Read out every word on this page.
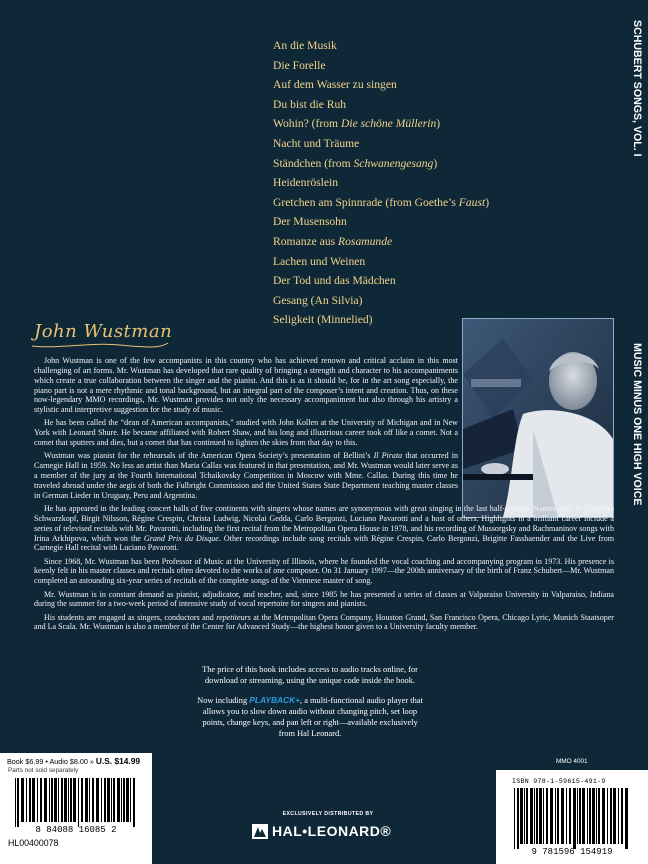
An die Musik
Die Forelle
Auf dem Wasser zu singen
Du bist die Ruh
Wohin? (from Die schöne Müllerin)
Nacht und Träume
Ständchen (from Schwanengesang)
Heidenröslein
Gretchen am Spinnrade (from Goethe’s Faust)
Der Musensohn
Romanze aus Rosamunde
Lachen und Weinen
Der Tod und das Mädchen
Gesang (An Silvia)
Seligkeit (Minnelied)
SCHUBERT SONGS, VOL. I
MUSIC MINUS ONE HIGH VOICE
John Wustman

John Wustman is one of the few accompanists in this country who has achieved renown and critical acclaim in this most challenging of art forms. Mr. Wustman has developed that rare quality of bringing a strength and character to his accompaniments which create a true collaboration between the singer and the pianist. And this is as it should be, for in the art song especially, the piano part is not a mere rhythmic and tonal background, but an integral part of the composer’s intent and creation. Thus, on these now-legendary MMO recordings, Mr. Wustman provides not only the necessary accompaniment but also through his artistry a stylistic and interpretive suggestion for the study of music.

He has been called the “dean of American accompanists,” studied with John Kollen at the University of Michigan and in New York with Leonard Shure. He became affiliated with Robert Shaw, and his long and illustrious career took off like a comet. Not a comet that sputters and dies, but a comet that has continued to lighten the skies from that day to this.

Wustman was pianist for the rehearsals of the American Opera Society’s presentation of Bellini’s Il Pirata that occurred in Carnegie Hall in 1959. No less an artist than Maria Callas was featured in that presentation, and Mr. Wustman would later serve as a member of the jury at the Fourth International Tchaikovsky Competition in Moscow with Mme. Callas. During this time he traveled abroad under the aegis of both the Fulbright Commission and the United States State Department teaching master classes in German Lieder in Uruguay, Peru and Argentina.

He has appeared in the leading concert halls of five continents with singers whose names are synonymous with great singing in the last half-century. Names such as Elisabeth Schwarzkopf, Birgit Nilsson, Régine Crespin, Christa Ludwig, Nicolai Gedda, Carlo Bergonzi, Luciano Pavarotti and a host of others. Highlights in a brilliant career include a series of televised recitals with Mr. Pavarotti, including the first recital from the Metropolitan Opera House in 1978, and his recording of Mussorgsky and Rachmaninov songs with Irina Arkhipova, which won the Grand Prix du Disque. Other recordings include song recitals with Régine Crespin, Carlo Bergonzi, Brigitte Fassbaender and the Live from Carnegie Hall recital with Luciano Pavarotti.

Since 1968, Mr. Wustman has been Professor of Music at the University of Illinois, where he founded the vocal coaching and accompanying program in 1973. His presence is keenly felt in his master classes and recitals often devoted to the works of one composer. On 31 January 1997—the 200th anniversary of the birth of Franz Schubert—Mr. Wustman completed an astounding six-year series of recitals of the complete songs of the Viennese master of song.

Mr. Wustman is in constant demand as pianist, adjudicator, and teacher, and, since 1985 he has presented a series of classes at Valparaiso University in Valparaiso, Indiana during the summer for a two-week period of intensive study of vocal repertoire for singers and pianists.

His students are engaged as singers, conductors and repetiteurs at the Metropolitan Opera Company, Houston Grand, San Francisco Opera, Chicago Lyric, Munich Staatsoper and La Scala. Mr. Wustman is also a member of the Center for Advanced Study—the highest honor given to a University faculty member.

The price of this book includes access to audio tracks online, for download or streaming, using the unique code inside the book.

Now including PLAYBACK+, a multi-functional audio player that allows you to slow down audio without changing pitch, set loop points, change keys, and pan left or right—available exclusively from Hal Leonard.

EXCLUSIVELY DISTRIBUTED BY
HAL•LEONARD®
Book $6.99 • Audio $8.00 » U.S. $14.99
Parts not sold separately
8 84088 16085 2
HL00400078
MMO 4001
ISBN 978-1-59615-491-9
9 781596 154919
